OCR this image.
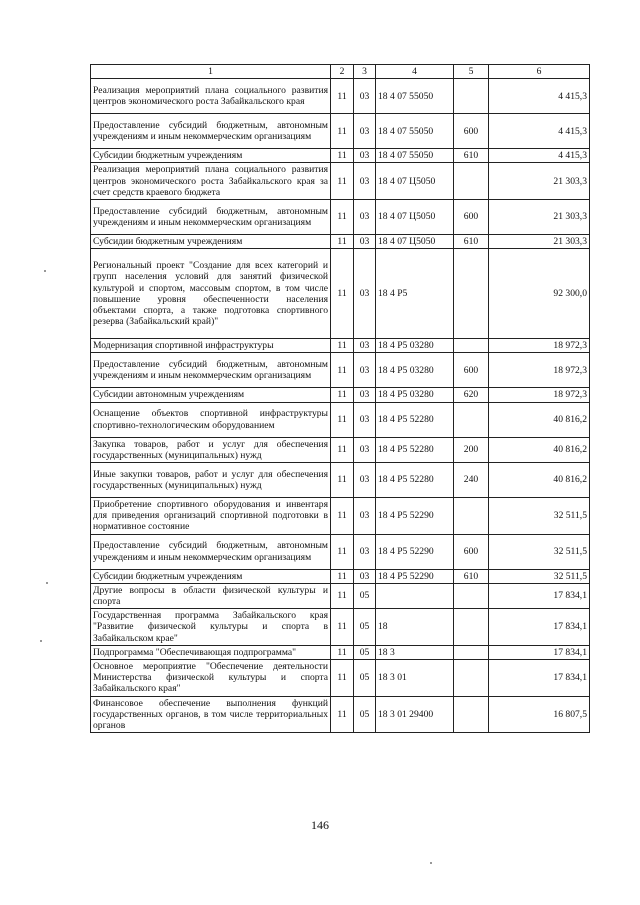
1	2	3	4	5	6
Реализация мероприятий плана социального развития центров экономического роста Забайкальского края	11	03	18 4 07 55050		4 415,3
Предоставление субсидий бюджетным, автономным учреждениям и иным некоммерческим организациям	11	03	18 4 07 55050	600	4 415,3
Субсидии бюджетным учреждениям	11	03	18 4 07 55050	610	4 415,3
Реализация мероприятий плана социального развития центров экономического роста Забайкальского края за счет средств краевого бюджета	11	03	18 4 07 Ц5050		21 303,3
Предоставление субсидий бюджетным, автономным учреждениям и иным некоммерческим организациям	11	03	18 4 07 Ц5050	600	21 303,3
Субсидии бюджетным учреждениям	11	03	18 4 07 Ц5050	610	21 303,3
Региональный проект "Создание для всех категорий и групп населения условий для занятий физической культурой и спортом, массовым спортом, в том числе повышение уровня обеспеченности населения объектами спорта, а также подготовка спортивного резерва (Забайкальский край)"	11	03	18 4 P5		92 300,0
Модернизация спортивной инфраструктуры	11	03	18 4 P5 03280		18 972,3
Предоставление субсидий бюджетным, автономным учреждениям и иным некоммерческим организациям	11	03	18 4 P5 03280	600	18 972,3
Субсидии автономным учреждениям	11	03	18 4 P5 03280	620	18 972,3
Оснащение объектов спортивной инфраструктуры спортивно-технологическим оборудованием	11	03	18 4 P5 52280		40 816,2
Закупка товаров, работ и услуг для обеспечения государственных (муниципальных) нужд	11	03	18 4 P5 52280	200	40 816,2
Иные закупки товаров, работ и услуг для обеспечения государственных (муниципальных) нужд	11	03	18 4 P5 52280	240	40 816,2
Приобретение спортивного оборудования и инвентаря для приведения организаций спортивной подготовки в нормативное состояние	11	03	18 4 P5 52290		32 511,5
Предоставление субсидий бюджетным, автономным учреждениям и иным некоммерческим организациям	11	03	18 4 P5 52290	600	32 511,5
Субсидии бюджетным учреждениям	11	03	18 4 P5 52290	610	32 511,5
Другие вопросы в области физической культуры и спорта	11	05			17 834,1
Государственная программа Забайкальского края "Развитие физической культуры и спорта в Забайкальском крае"	11	05	18		17 834,1
Подпрограмма "Обеспечивающая подпрограмма"	11	05	18 3		17 834,1
Основное мероприятие "Обеспечение деятельности Министерства физической культуры и спорта Забайкальского края"	11	05	18 3 01		17 834,1
Финансовое обеспечение выполнения функций государственных органов, в том числе территориальных органов	11	05	18 3 01 29400		16 807,5
146
